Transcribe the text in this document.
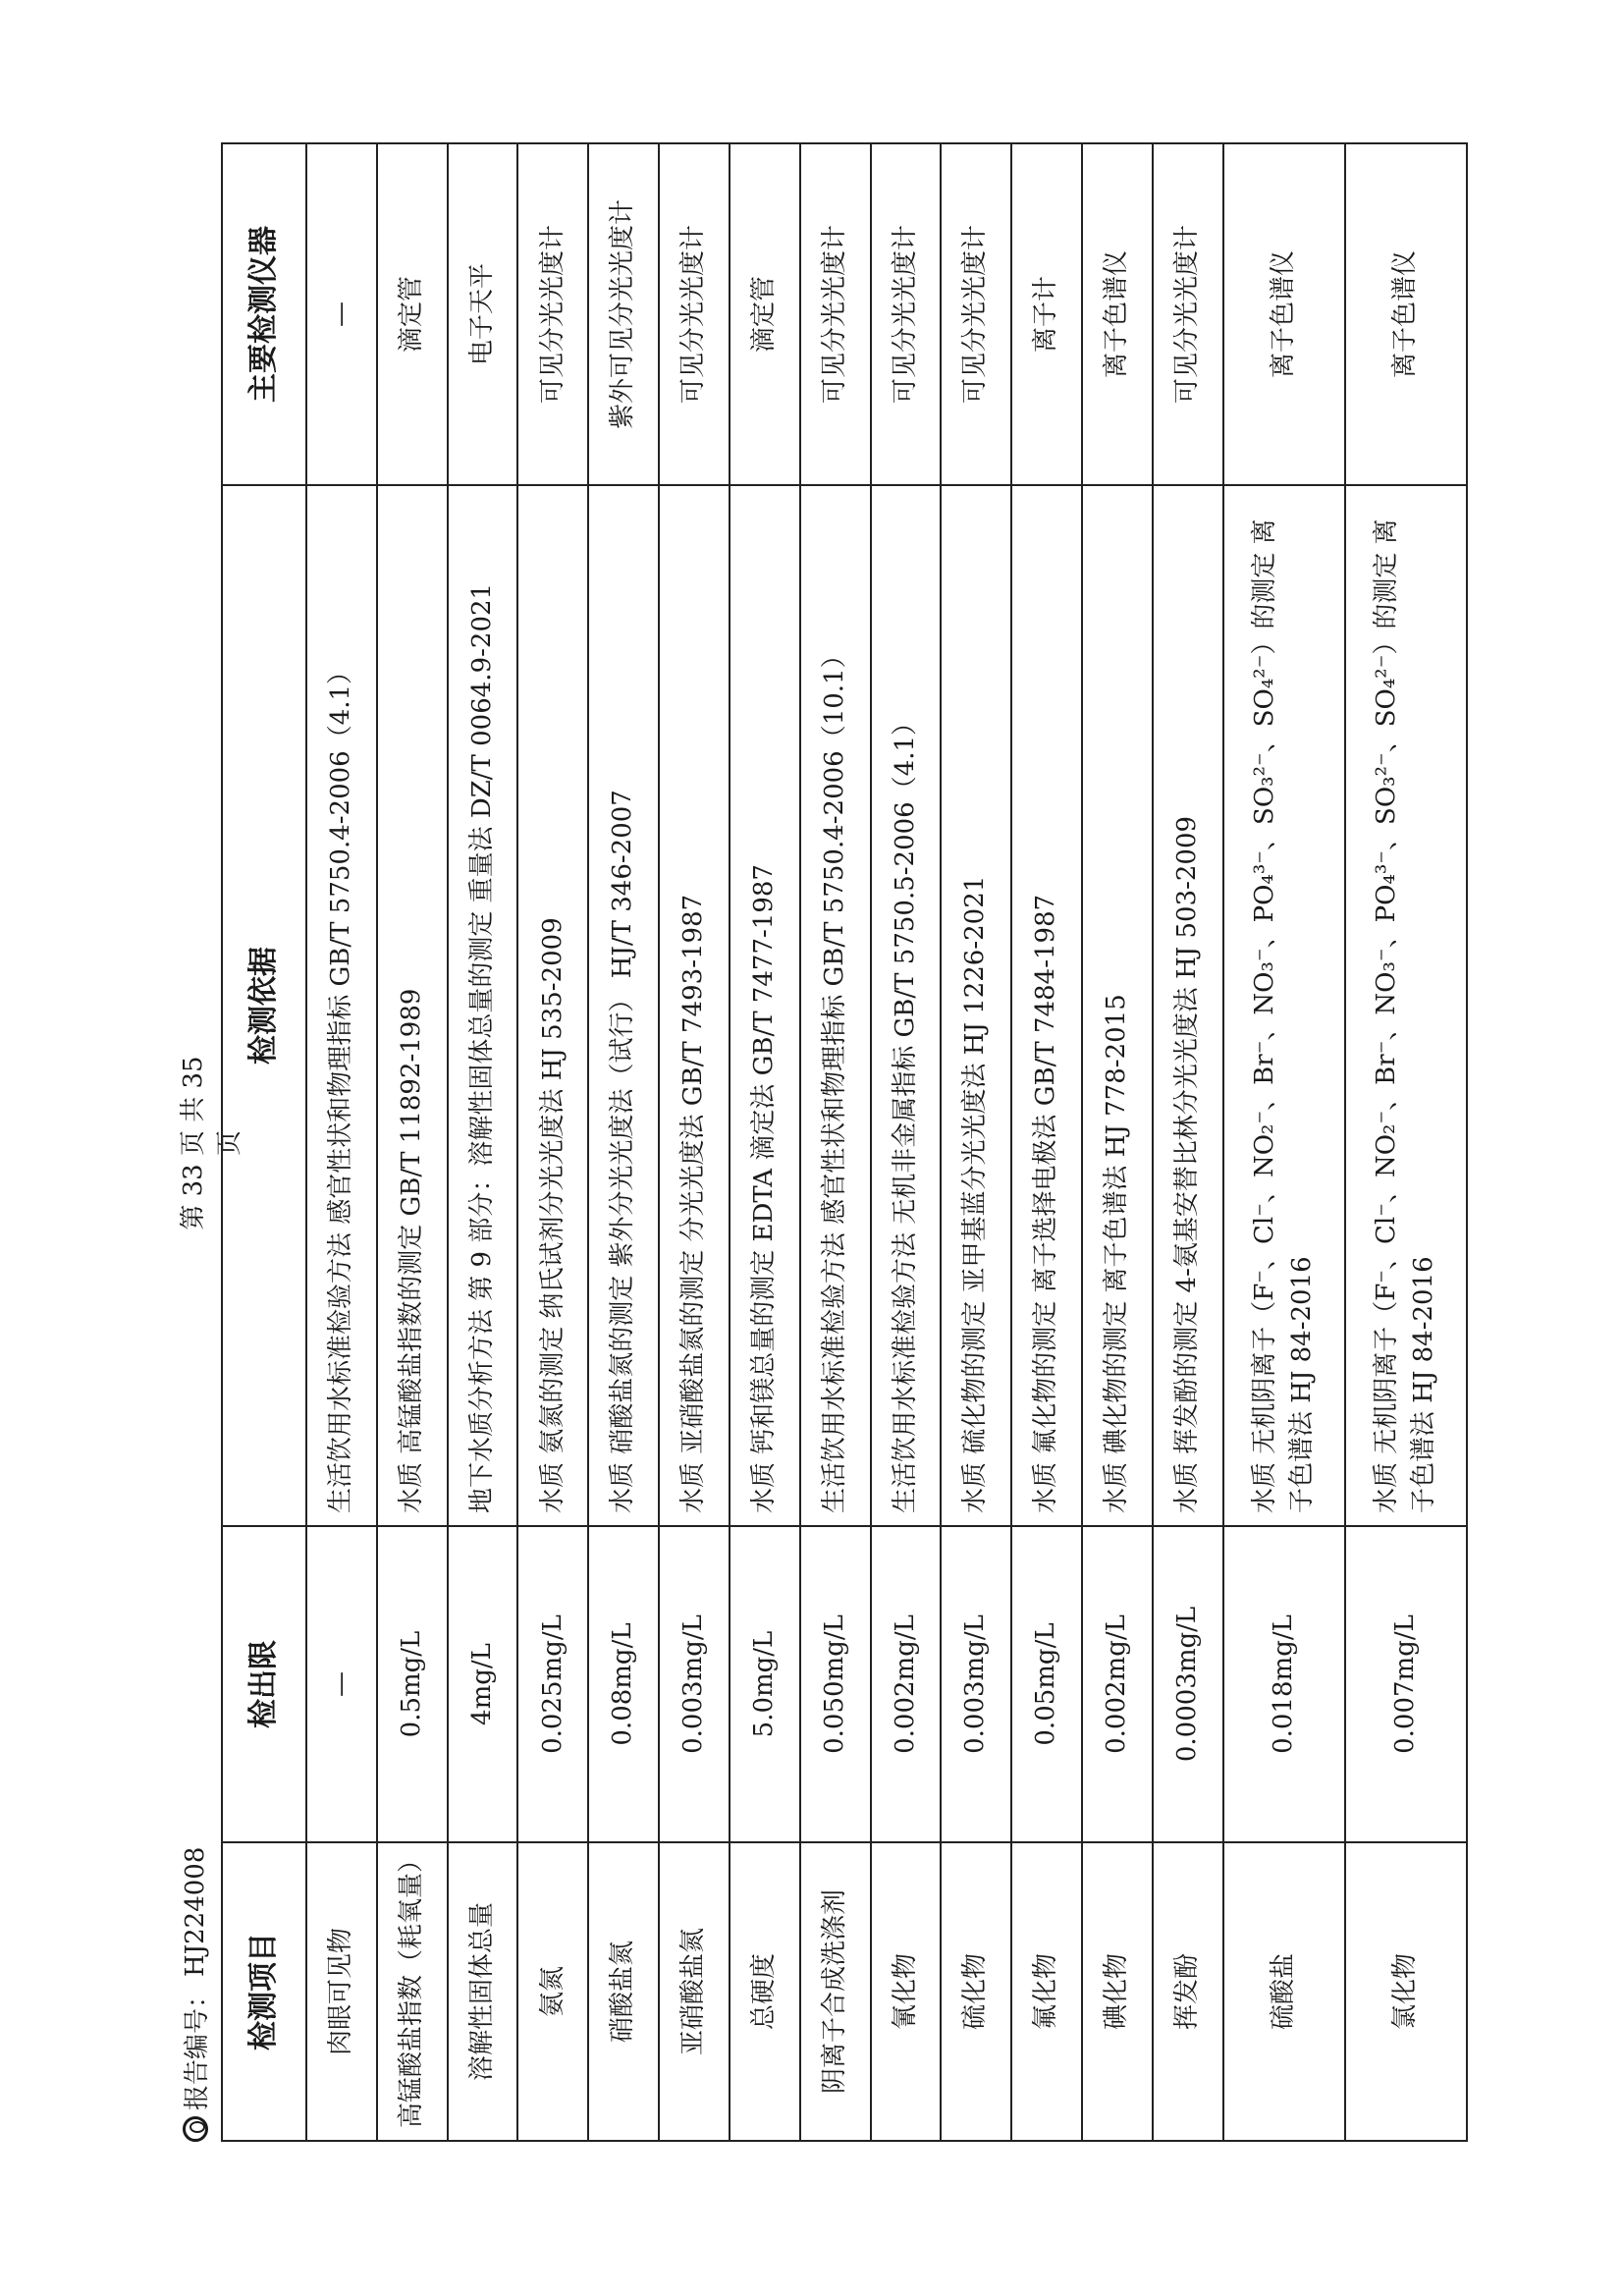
报告编号：
HJ224008
第 33 页 共 35 页
检测项目	检出限	检测依据	主要检测仪器
肉眼可见物	—	生活饮用水标准检验方法 感官性状和物理指标 GB/T 5750.4-2006（4.1）	—
高锰酸盐指数（耗氧量）	0.5mg/L	水质 高锰酸盐指数的测定 GB/T 11892-1989	滴定管
溶解性固体总量	4mg/L	地下水质分析方法 第 9 部分：溶解性固体总量的测定 重量法 DZ/T 0064.9-2021	电子天平
氨氮	0.025mg/L	水质 氨氮的测定 纳氏试剂分光光度法 HJ 535-2009	可见分光光度计
硝酸盐氮	0.08mg/L	水质 硝酸盐氮的测定 紫外分光光度法（试行） HJ/T 346-2007	紫外可见分光光度计
亚硝酸盐氮	0.003mg/L	水质 亚硝酸盐氮的测定 分光光度法 GB/T 7493-1987	可见分光光度计
总硬度	5.0mg/L	水质 钙和镁总量的测定 EDTA 滴定法 GB/T 7477-1987	滴定管
阴离子合成洗涤剂	0.050mg/L	生活饮用水标准检验方法 感官性状和物理指标 GB/T 5750.4-2006（10.1）	可见分光光度计
氰化物	0.002mg/L	生活饮用水标准检验方法 无机非金属指标 GB/T 5750.5-2006（4.1）	可见分光光度计
硫化物	0.003mg/L	水质 硫化物的测定 亚甲基蓝分光光度法 HJ 1226-2021	可见分光光度计
氟化物	0.05mg/L	水质 氟化物的测定 离子选择电极法 GB/T 7484-1987	离子计
碘化物	0.002mg/L	水质 碘化物的测定 离子色谱法 HJ 778-2015	离子色谱仪
挥发酚	0.0003mg/L	水质 挥发酚的测定 4-氨基安替比林分光光度法 HJ 503-2009	可见分光光度计
硫酸盐	0.018mg/L	水质 无机阴离子（F⁻、Cl⁻、NO₂⁻、Br⁻、NO₃⁻、PO₄³⁻、SO₃²⁻、SO₄²⁻）的测定 离子色谱法 HJ 84-2016	离子色谱仪
氯化物	0.007mg/L	水质 无机阴离子（F⁻、Cl⁻、NO₂⁻、Br⁻、NO₃⁻、PO₄³⁻、SO₃²⁻、SO₄²⁻）的测定 离子色谱法 HJ 84-2016	离子色谱仪
